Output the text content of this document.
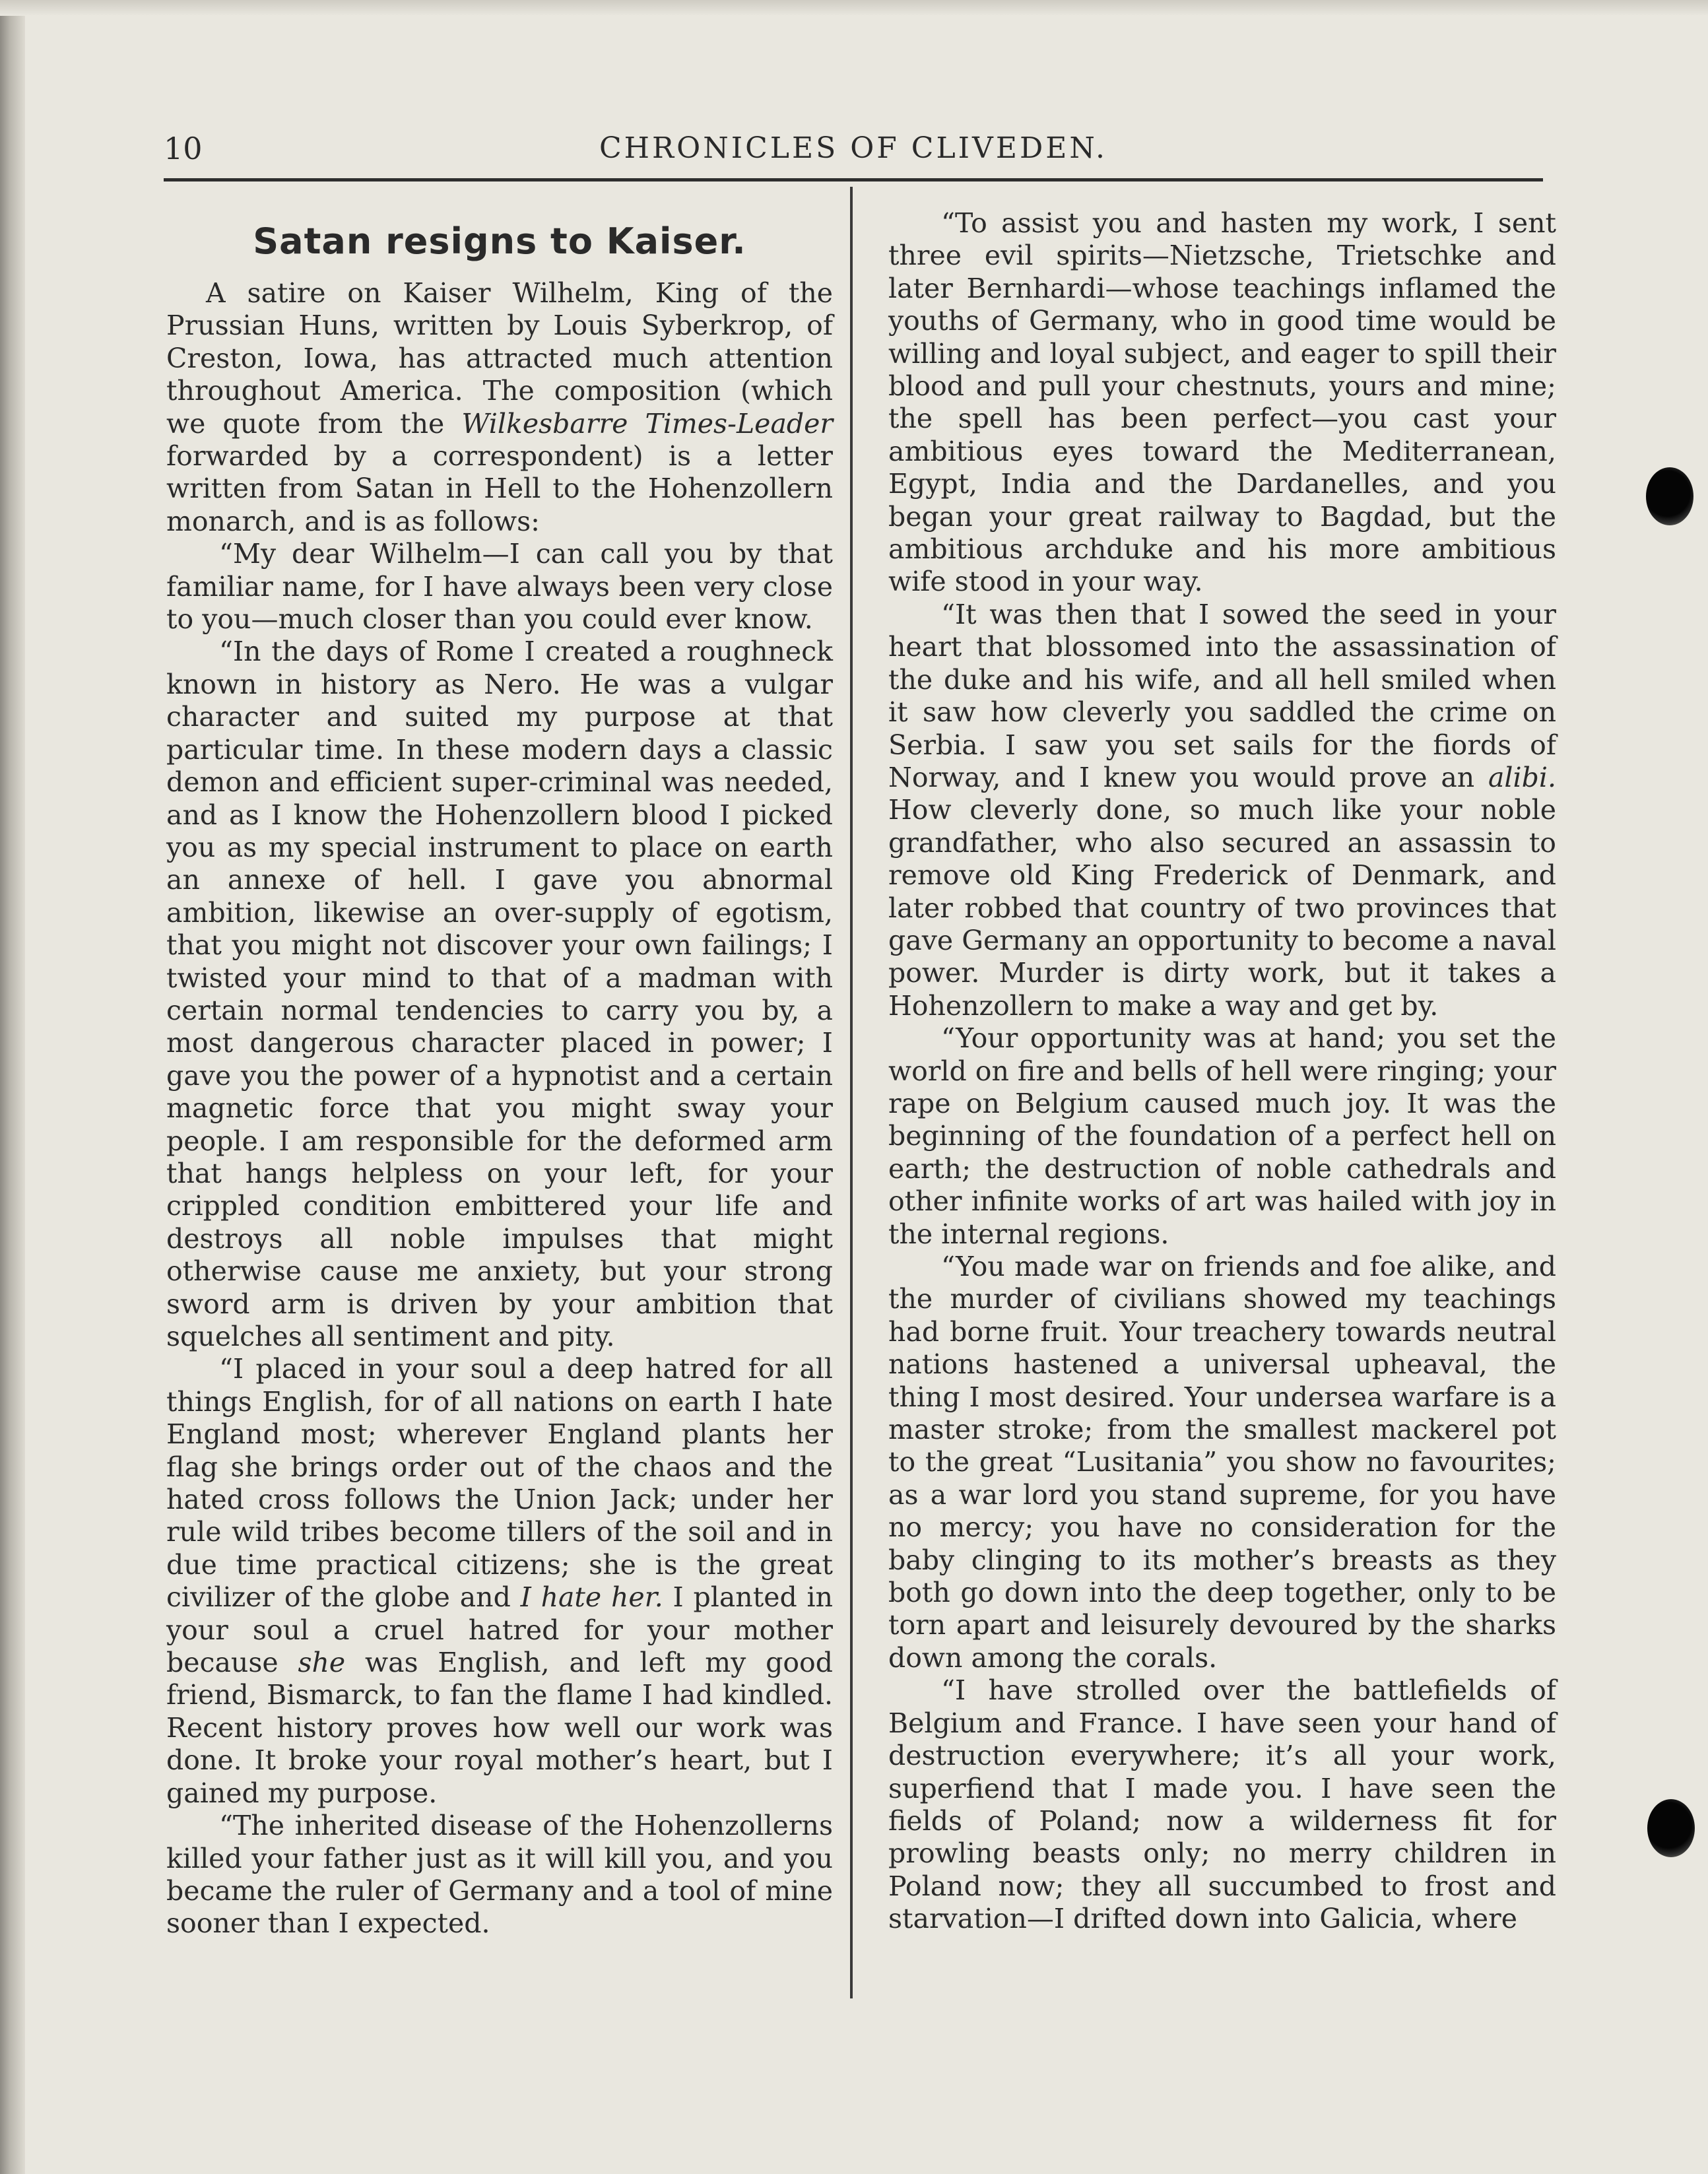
10	CHRONICLES OF CLIVEDEN.
Satan resigns to Kaiser.

A satire on Kaiser Wilhelm, King of the Prussian Huns, written by Louis Syberkrop, of Creston, Iowa, has attracted much attention throughout America. The composition (which we quote from the Wilkesbarre Times-Leader forwarded by a correspondent) is a letter written from Satan in Hell to the Hohenzollern monarch, and is as follows:

“My dear Wilhelm—I can call you by that familiar name, for I have always been very close to you—much closer than you could ever know.

“In the days of Rome I created a roughneck known in history as Nero. He was a vulgar character and suited my purpose at that particular time. In these modern days a classic demon and efficient super-criminal was needed, and as I know the Hohenzollern blood I picked you as my special instrument to place on earth an annexe of hell. I gave you abnormal ambition, likewise an over-supply of egotism, that you might not discover your own failings; I twisted your mind to that of a madman with certain normal tendencies to carry you by, a most dangerous character placed in power; I gave you the power of a hypnotist and a certain magnetic force that you might sway your people. I am responsible for the deformed arm that hangs helpless on your left, for your crippled condition embittered your life and destroys all noble impulses that might otherwise cause me anxiety, but your strong sword arm is driven by your ambition that squelches all sentiment and pity.

“I placed in your soul a deep hatred for all things English, for of all nations on earth I hate England most; wherever England plants her flag she brings order out of the chaos and the hated cross follows the Union Jack; under her rule wild tribes become tillers of the soil and in due time practical citizens; she is the great civilizer of the globe and I hate her. I planted in your soul a cruel hatred for your mother because she was English, and left my good friend, Bismarck, to fan the flame I had kindled. Recent history proves how well our work was done. It broke your royal mother’s heart, but I gained my purpose.

“The inherited disease of the Hohenzollerns killed your father just as it will kill you, and you became the ruler of Germany and a tool of mine sooner than I expected.

“To assist you and hasten my work, I sent three evil spirits—Nietzsche, Trietschke and later Bernhardi—whose teachings inflamed the youths of Germany, who in good time would be willing and loyal subject, and eager to spill their blood and pull your chestnuts, yours and mine; the spell has been perfect—you cast your ambitious eyes toward the Mediterranean, Egypt, India and the Dardanelles, and you began your great railway to Bagdad, but the ambitious archduke and his more ambitious wife stood in your way.

“It was then that I sowed the seed in your heart that blossomed into the assassination of the duke and his wife, and all hell smiled when it saw how cleverly you saddled the crime on Serbia. I saw you set sails for the fiords of Norway, and I knew you would prove an alibi. How cleverly done, so much like your noble grandfather, who also secured an assassin to remove old King Frederick of Denmark, and later robbed that country of two provinces that gave Germany an opportunity to become a naval power. Murder is dirty work, but it takes a Hohenzollern to make a way and get by.

“Your opportunity was at hand; you set the world on fire and bells of hell were ringing; your rape on Belgium caused much joy. It was the beginning of the foundation of a perfect hell on earth; the destruction of noble cathedrals and other infinite works of art was hailed with joy in the internal regions.

“You made war on friends and foe alike, and the murder of civilians showed my teachings had borne fruit. Your treachery towards neutral nations hastened a universal upheaval, the thing I most desired. Your undersea warfare is a master stroke; from the smallest mackerel pot to the great “Lusitania” you show no favourites; as a war lord you stand supreme, for you have no mercy; you have no consideration for the baby clinging to its mother’s breasts as they both go down into the deep together, only to be torn apart and leisurely devoured by the sharks down among the corals.

“I have strolled over the battlefields of Belgium and France. I have seen your hand of destruction everywhere; it’s all your work, superfiend that I made you. I have seen the fields of Poland; now a wilderness fit for prowling beasts only; no merry children in Poland now; they all succumbed to frost and starvation—I drifted down into Galicia, where
